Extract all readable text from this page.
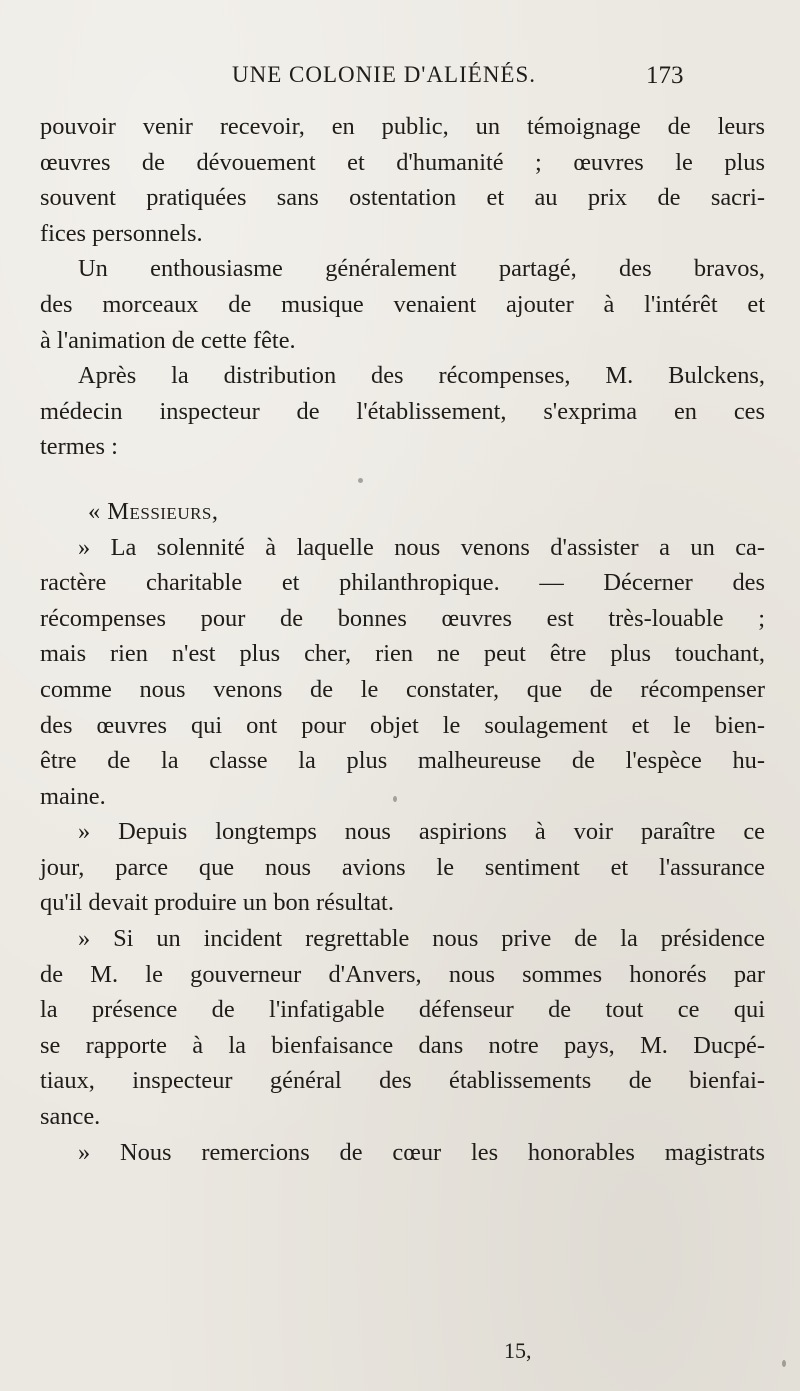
UNE COLONIE D'ALIÉNÉS.	173
pouvoir venir recevoir, en public, un témoignage de leurs
œuvres de dévouement et d'humanité ; œuvres le plus
souvent pratiquées sans ostentation et au prix de sacri-
fices personnels.
Un enthousiasme généralement partagé, des bravos,
des morceaux de musique venaient ajouter à l'intérêt et
à l'animation de cette fête.
Après la distribution des récompenses, M. Bulckens,
médecin inspecteur de l'établissement, s'exprima en ces
termes :
« Messieurs,
» La solennité à laquelle nous venons d'assister a un ca-
ractère charitable et philanthropique. — Décerner des
récompenses pour de bonnes œuvres est très-louable ;
mais rien n'est plus cher, rien ne peut être plus touchant,
comme nous venons de le constater, que de récompenser
des œuvres qui ont pour objet le soulagement et le bien-
être de la classe la plus malheureuse de l'espèce hu-
maine.
» Depuis longtemps nous aspirions à voir paraître ce
jour, parce que nous avions le sentiment et l'assurance
qu'il devait produire un bon résultat.
» Si un incident regrettable nous prive de la présidence
de M. le gouverneur d'Anvers, nous sommes honorés par
la présence de l'infatigable défenseur de tout ce qui
se rapporte à la bienfaisance dans notre pays, M. Ducpé-
tiaux, inspecteur général des établissements de bienfai-
sance.
» Nous remercions de cœur les honorables magistrats
15,
